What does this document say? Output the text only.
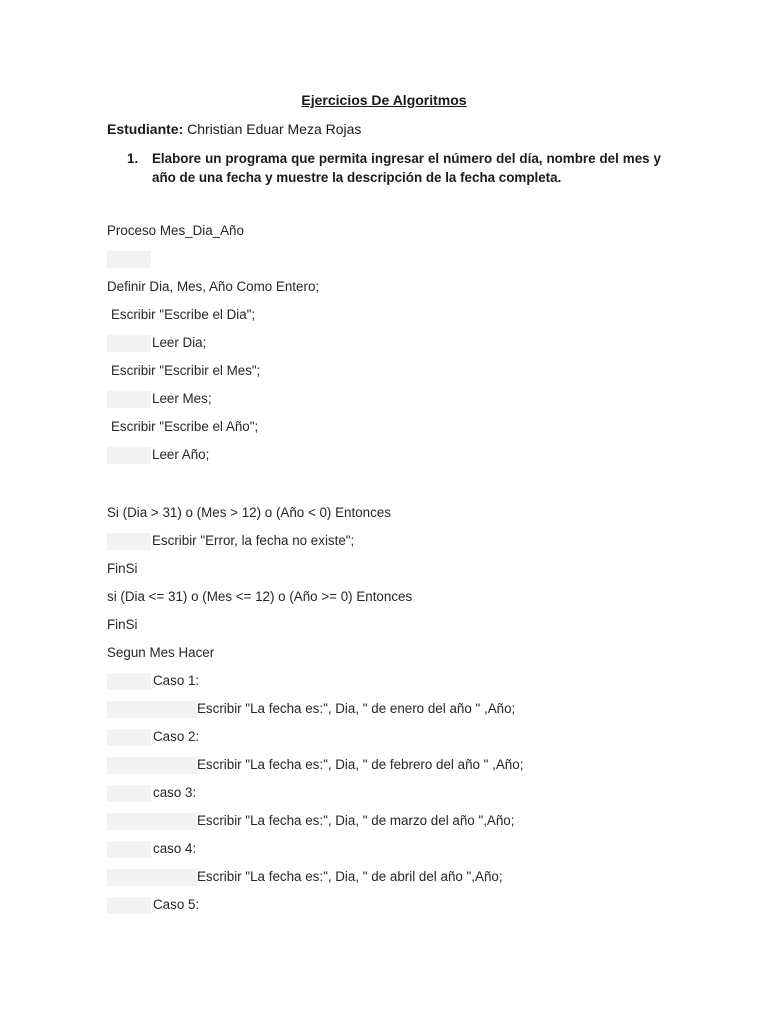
Ejercicios De Algoritmos
Estudiante: Christian Eduar Meza Rojas
1. Elabore un programa que permita ingresar el número del día, nombre del mes y año de una fecha y muestre la descripción de la fecha completa.
Proceso Mes_Dia_Año
Definir Dia, Mes, Año Como Entero;
Escribir "Escribe el Dia";
Leer Dia;
Escribir "Escribir el Mes";
Leer Mes;
Escribir "Escribe el Año";
Leer Año;
Si (Dia > 31) o (Mes > 12) o (Año < 0) Entonces
Escribir "Error, la fecha no existe";
FinSi
si (Dia <= 31) o (Mes <= 12) o (Año >= 0) Entonces
FinSi
Segun Mes Hacer
Caso 1:
Escribir "La fecha es:", Dia, " de enero del año " ,Año;
Caso 2:
Escribir "La fecha es:", Dia, " de febrero del año " ,Año;
caso 3:
Escribir "La fecha es:", Dia, " de marzo del año ",Año;
caso 4:
Escribir "La fecha es:", Dia, " de abril del año ",Año;
Caso 5:
